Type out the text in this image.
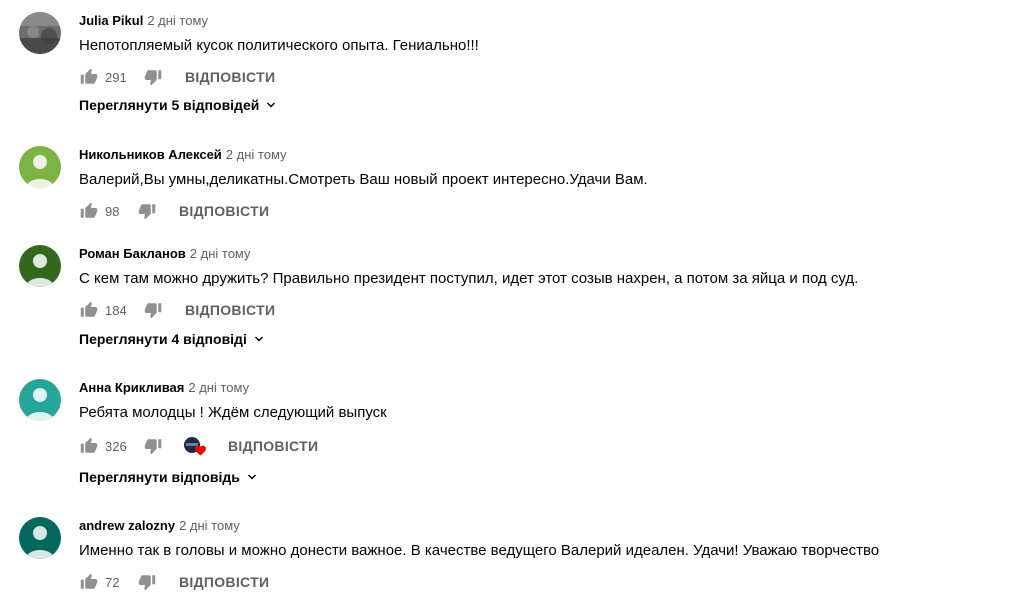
Julia Pikul 2 дні тому
Непотопляемый кусок политического опыта. Гениально!!!
291	ВІДПОВІСТИ
Переглянути 5 відповідей
Никольников Алексей 2 дні тому
Валерий,Вы умны,деликатны.Смотреть Ваш новый проект интересно.Удачи Вам.
98	ВІДПОВІСТИ
Роман Бакланов 2 дні тому
С кем там можно дружить? Правильно президент поступил, идет этот созыв нахрен, а потом за яйца и под суд.
184	ВІДПОВІСТИ
Переглянути 4 відповіді
Анна Крикливая 2 дні тому
Ребята молодцы ! Ждём следующий выпуск
326	ВІДПОВІСТИ
Переглянути відповідь
andrew zalozny 2 дні тому
Именно так в головы и можно донести важное. В качестве ведущего Валерий идеален. Удачи! Уважаю творчество
72	ВІДПОВІСТИ
